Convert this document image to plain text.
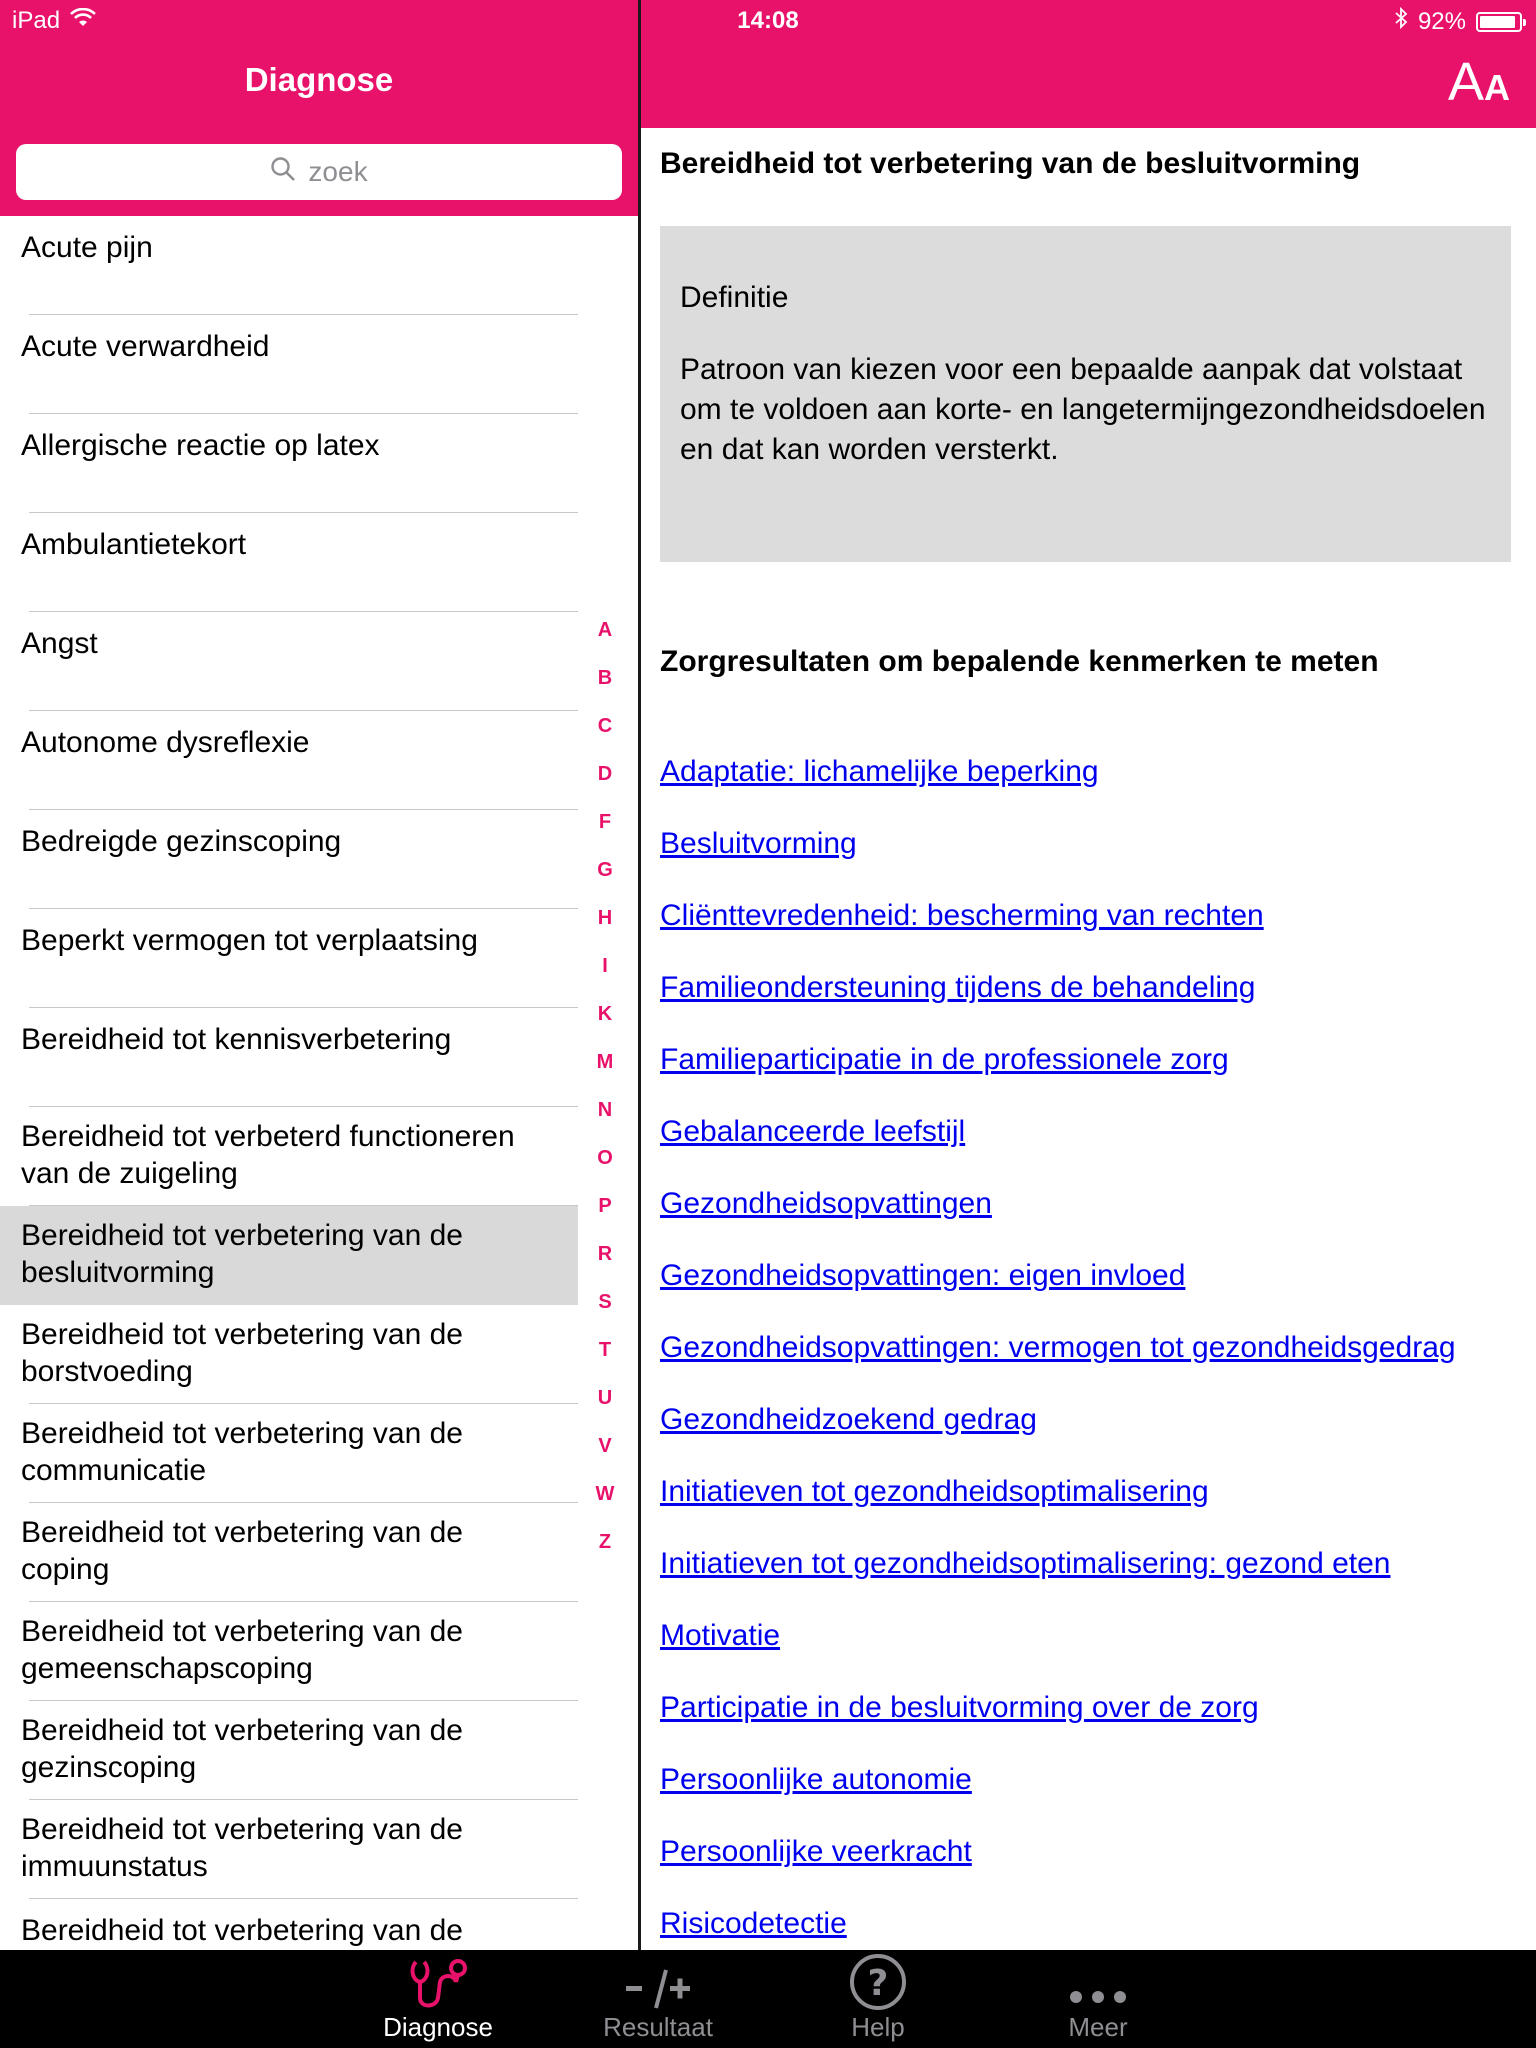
iPad	14:08	92%
Diagnose
zoek
Acute pijn
Acute verwardheid
Allergische reactie op latex
Ambulantietekort
Angst
Autonome dysreflexie
Bedreigde gezinscoping
Beperkt vermogen tot verplaatsing
Bereidheid tot kennisverbetering
Bereidheid tot verbeterd functioneren van de zuigeling
Bereidheid tot verbetering van de besluitvorming
Bereidheid tot verbetering van de borstvoeding
Bereidheid tot verbetering van de communicatie
Bereidheid tot verbetering van de coping
Bereidheid tot verbetering van de gemeenschapscoping
Bereidheid tot verbetering van de gezinscoping
Bereidheid tot verbetering van de immuunstatus
Bereidheid tot verbetering van de
A
B
C
D
F
G
H
I
K
M
N
O
P
R
S
T
U
V
W
Z
AA
Bereidheid tot verbetering van de besluitvorming
Definitie
Patroon van kiezen voor een bepaalde aanpak dat volstaat om te voldoen aan korte- en langetermijngezondheidsdoelen en dat kan worden versterkt.
Zorgresultaten om bepalende kenmerken te meten
Adaptatie: lichamelijke beperking
Besluitvorming
Cliënttevredenheid: bescherming van rechten
Familieondersteuning tijdens de behandeling
Familieparticipatie in de professionele zorg
Gebalanceerde leefstijl
Gezondheidsopvattingen
Gezondheidsopvattingen: eigen invloed
Gezondheidsopvattingen: vermogen tot gezondheidsgedrag
Gezondheidzoekend gedrag
Initiatieven tot gezondheidsoptimalisering
Initiatieven tot gezondheidsoptimalisering: gezond eten
Motivatie
Participatie in de besluitvorming over de zorg
Persoonlijke autonomie
Persoonlijke veerkracht
Risicodetectie
Diagnose	Resultaat
?
Help	Meer
